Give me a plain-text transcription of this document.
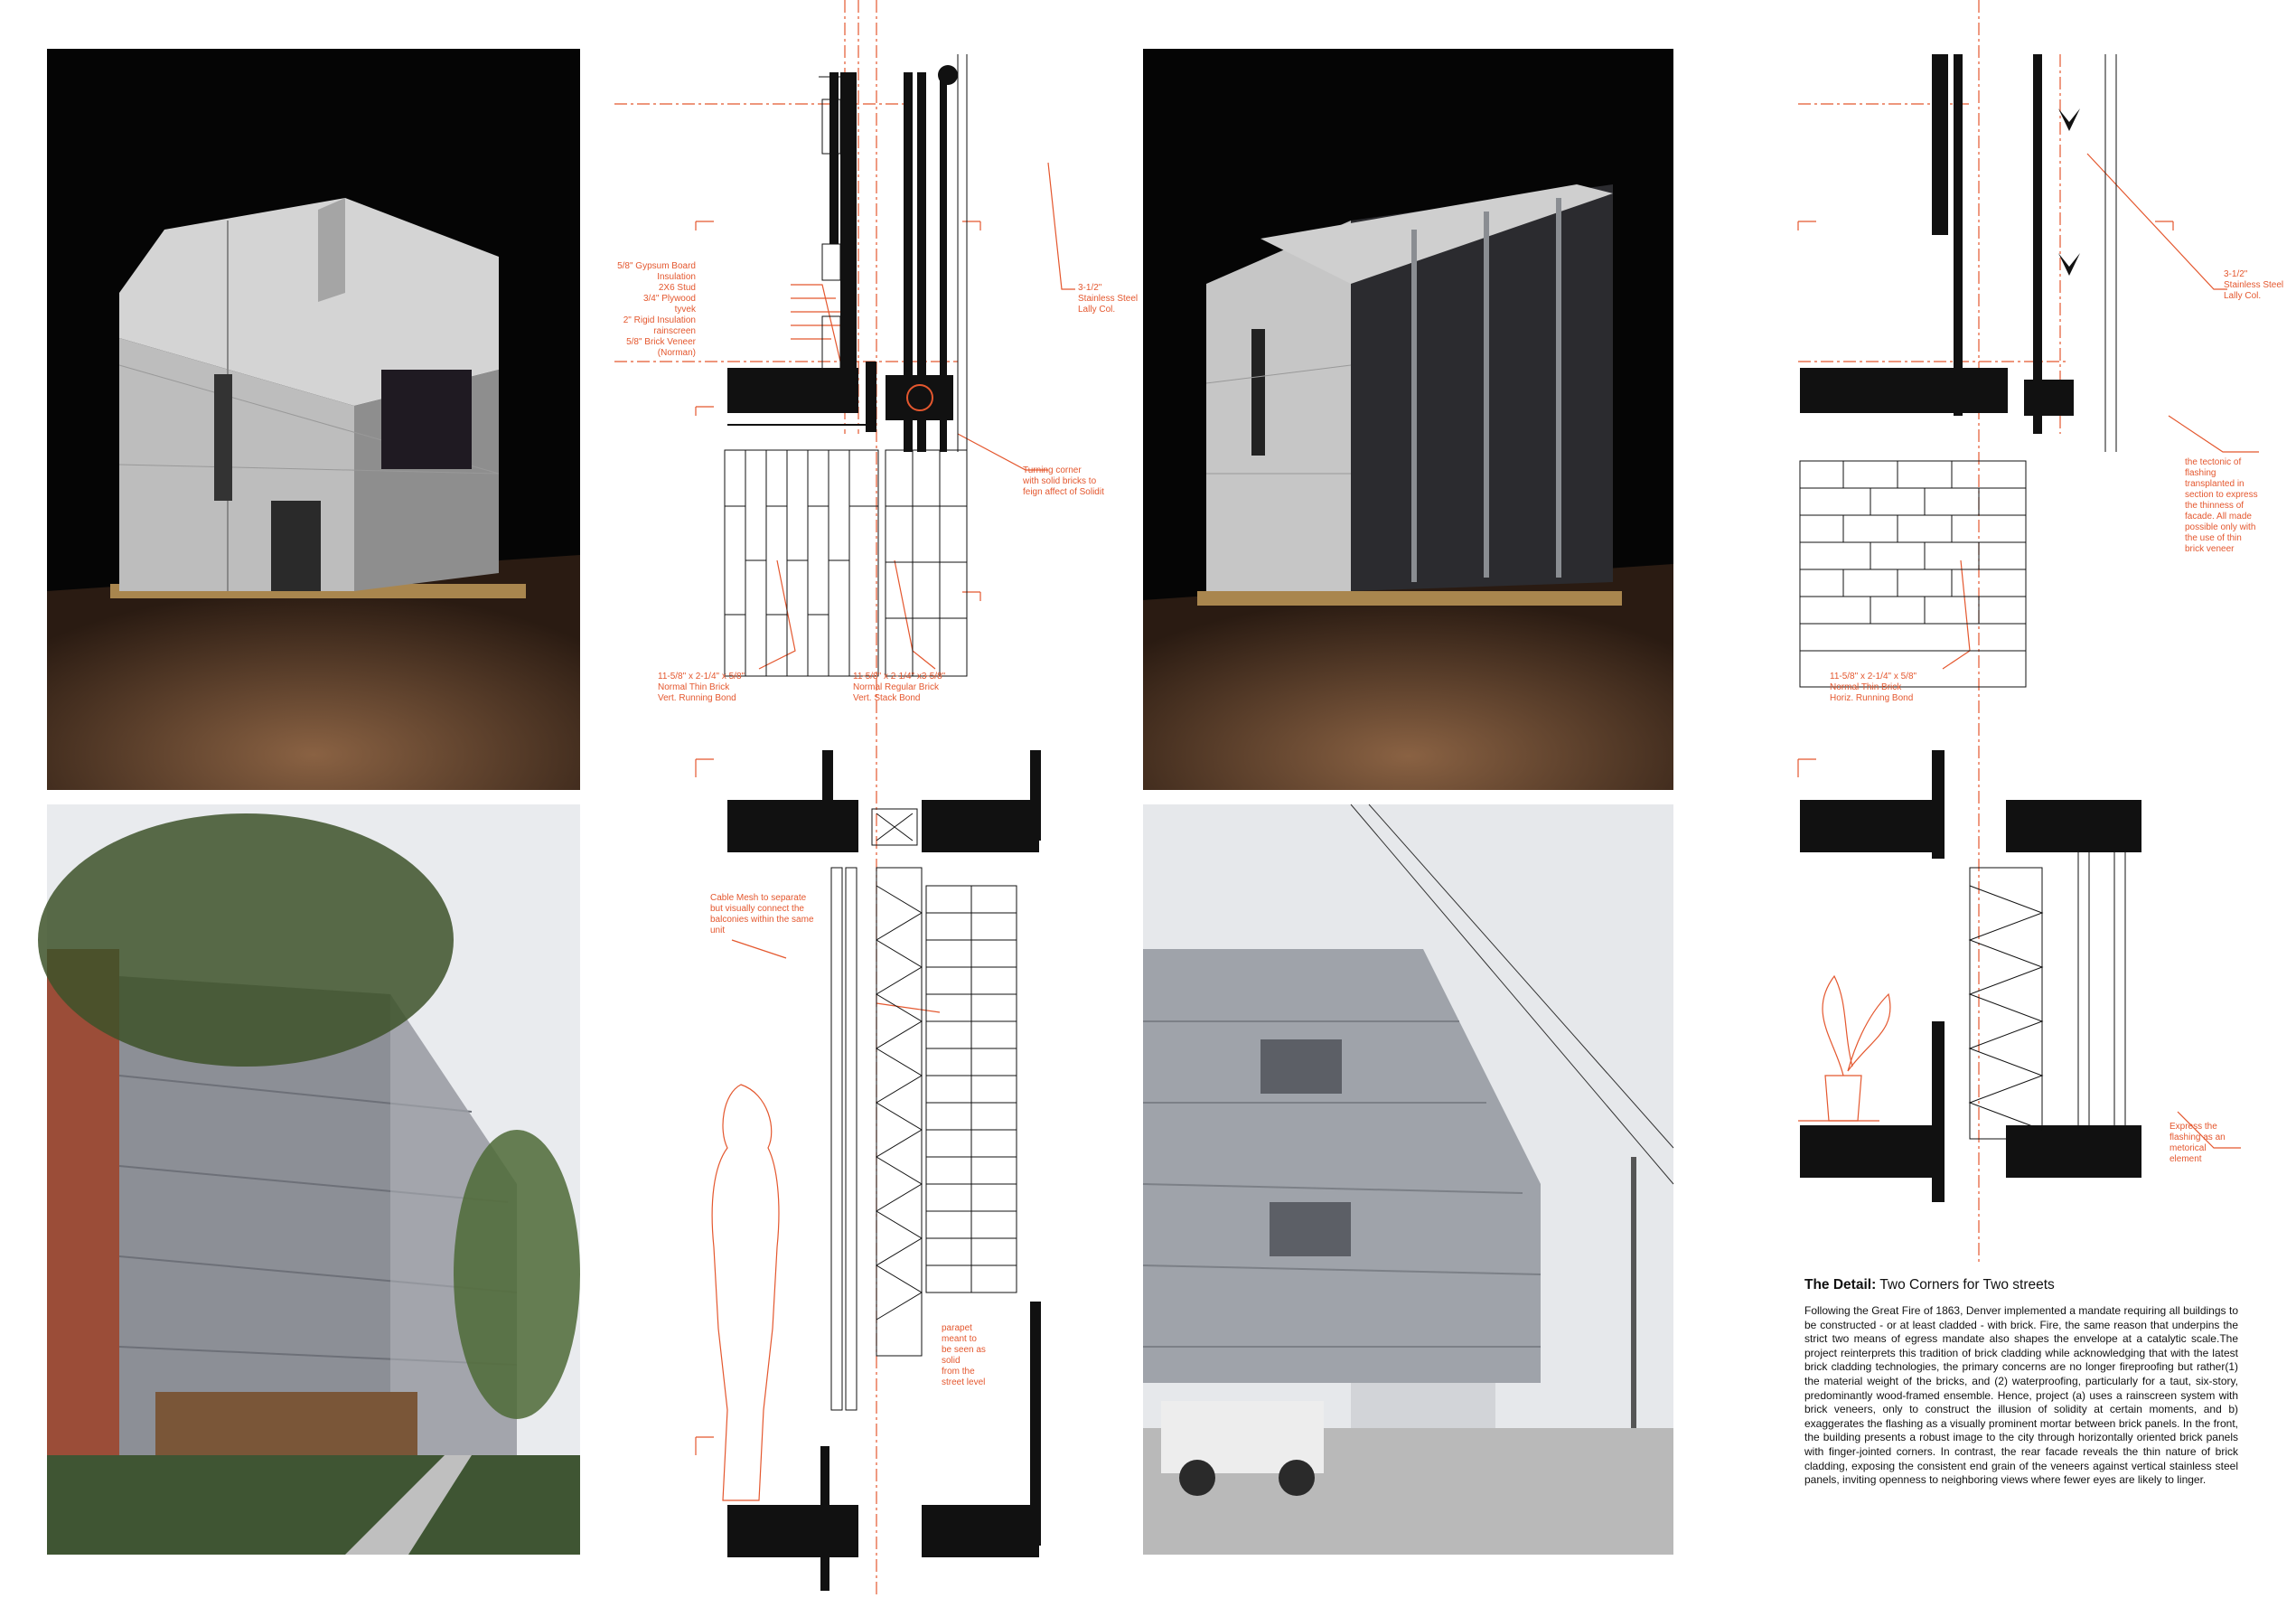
5/8" Gypsum Board
Insulation
2X6 Stud
3/4" Plywood
tyvek
2" Rigid Insulation
rainscreen
5/8" Brick Veneer
(Norman)
3-1/2"
Stainless Steel
Lally Col.
Turning corner
with solid bricks to
feign affect of Solidit
11-5/8" x 2-1/4" x 5/8"
Normal Thin Brick
Vert. Running Bond
11-5/8" x 2-1/4" x3-5/8"
Normal Regular Brick
Vert. Stack Bond
3-1/2"
Stainless Steel
Lally Col.
the tectonic of
flashing
transplanted in
section to express
the thinness of
facade. All made
possible only with
the use of thin
brick veneer
11-5/8" x 2-1/4" x 5/8"
Normal Thin Brick
Horiz. Running Bond
Cable Mesh to separate
but visually connect the
balconies within the same
unit
parapet
meant to
be seen as
solid
from the
street level
Express the
flashing as an
metorical
element
The Detail: Two Corners for Two streets

Following the Great Fire of 1863, Denver implemented a mandate requiring all buildings to be constructed - or at least cladded - with brick. Fire, the same reason that underpins the strict two means of egress mandate also shapes the envelope at a catalytic scale.The project reinterprets this tradition of brick cladding while acknowledging that with the latest brick cladding technologies, the primary concerns are no longer fireproofing but rather(1) the material weight of the bricks, and (2) waterproofing, particularly for a taut, six-story, predominantly wood-framed ensemble. Hence, project (a) uses a rainscreen system with brick veneers, only to construct the illusion of solidity at certain moments, and b) exaggerates the flashing as a visually prominent mortar between brick panels. In the front, the building presents a robust image to the city through horizontally oriented brick panels with finger-jointed corners. In contrast, the rear facade reveals the thin nature of brick cladding, exposing the consistent end grain of the veneers against vertical stainless steel panels, inviting openness to neighboring views where fewer eyes are likely to linger.
